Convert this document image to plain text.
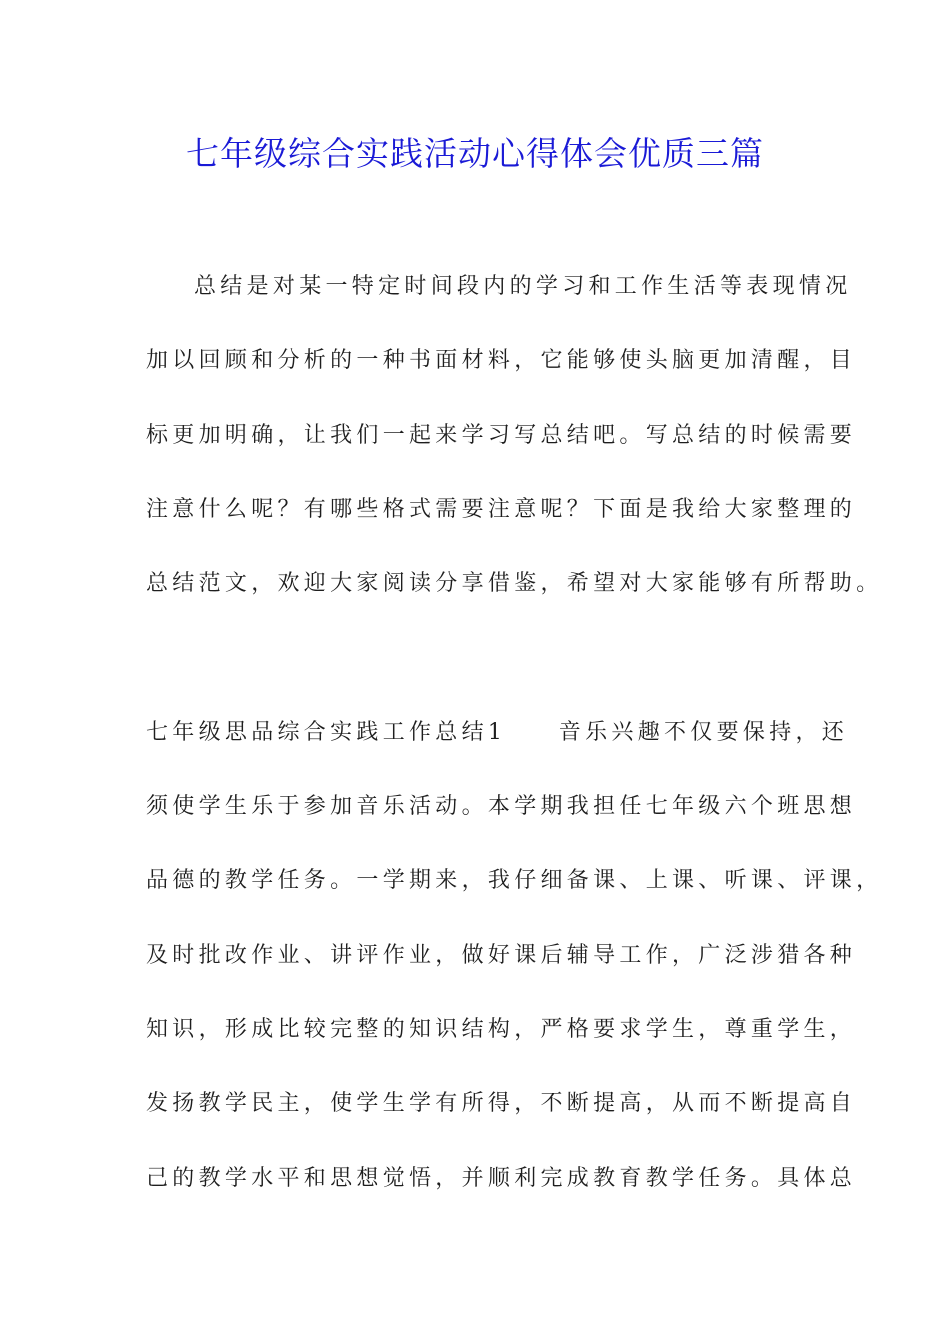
七年级综合实践活动心得体会优质三篇

总结是对某一特定时间段内的学习和工作生活等表现情况

加以回顾和分析的一种书面材料，它能够使头脑更加清醒，目

标更加明确，让我们一起来学习写总结吧。写总结的时候需要

注意什么呢？有哪些格式需要注意呢？下面是我给大家整理的

总结范文，欢迎大家阅读分享借鉴，希望对大家能够有所帮助。

七年级思品综合实践工作总结1　　音乐兴趣不仅要保持，还

须使学生乐于参加音乐活动。本学期我担任七年级六个班思想

品德的教学任务。一学期来，我仔细备课、上课、听课、评课，

及时批改作业、讲评作业，做好课后辅导工作，广泛涉猎各种

知识，形成比较完整的知识结构，严格要求学生，尊重学生，

发扬教学民主，使学生学有所得，不断提高，从而不断提高自

己的教学水平和思想觉悟，并顺利完成教育教学任务。具体总
